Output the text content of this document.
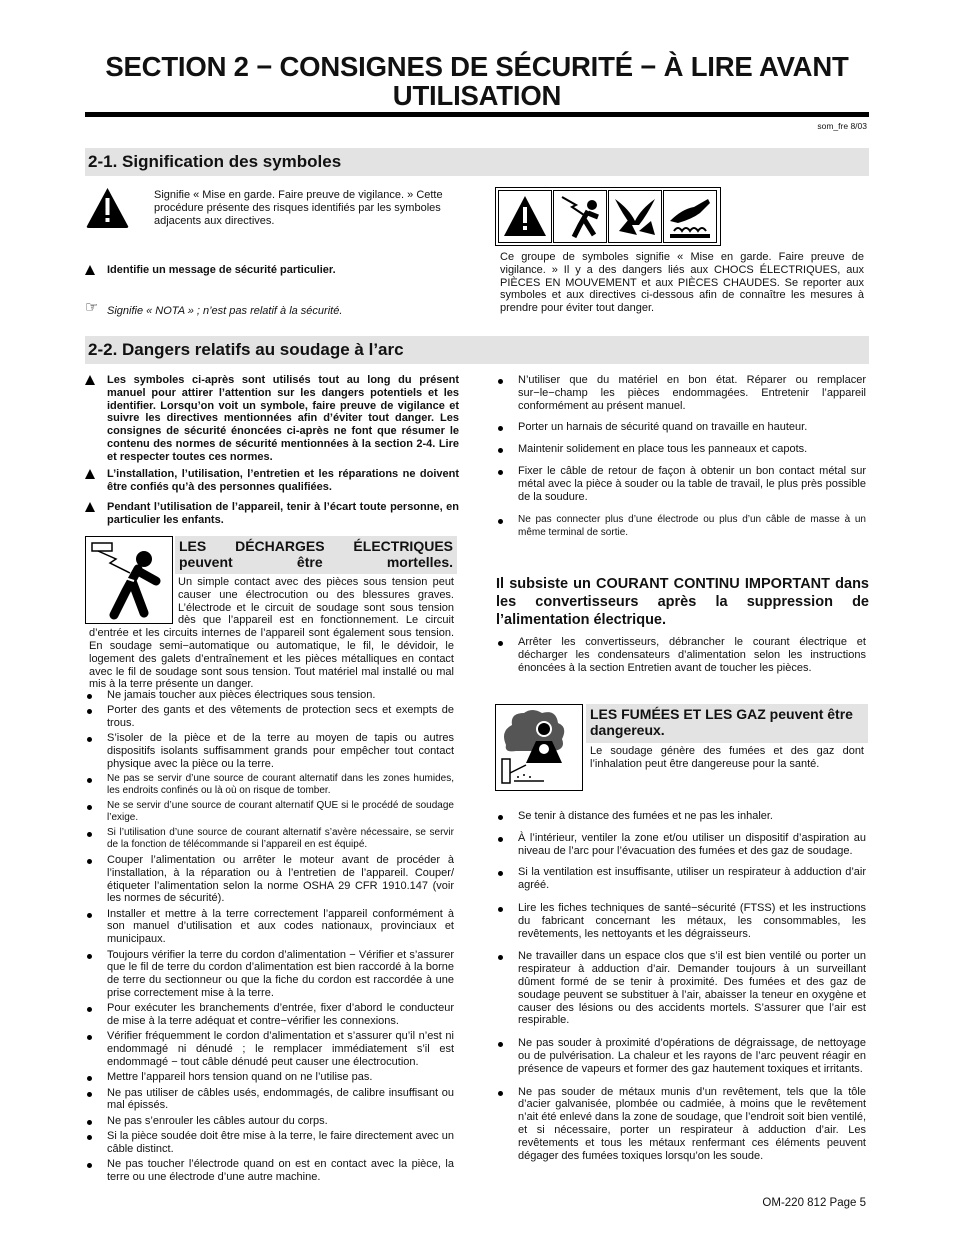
SECTION 2 − CONSIGNES DE SÉCURITÉ − À LIRE AVANT
UTILISATION
som_fre 8/03
2-1. Signification des symboles
Signifie « Mise en garde. Faire preuve de vigilance. » Cette procédure présente des risques identifiés par les symboles adjacents aux directives.
Identifie un message de sécurité particulier.
☞ Signifie « NOTA » ; n’est pas relatif à la sécurité.
Ce groupe de symboles signifie « Mise en garde. Faire preuve de vigilance. » Il y a des dangers liés aux CHOCS ÉLECTRIQUES, aux PIÈCES EN MOUVEMENT et aux PIÈCES CHAUDES. Se reporter aux symboles et aux directives ci-dessous afin de connaître les mesures à prendre pour éviter tout danger.
2-2. Dangers relatifs au soudage à l’arc
Les symboles ci-après sont utilisés tout au long du présent manuel pour attirer l’attention sur les dangers potentiels et les identifier. Lorsqu’on voit un symbole, faire preuve de vigilance et suivre les directives mentionnées afin d’éviter tout danger. Les consignes de sécurité énoncées ci-après ne font que résumer le contenu des normes de sécurité mentionnées à la section 2-4. Lire et respecter toutes ces normes.
L’installation, l’utilisation, l’entretien et les réparations ne doivent être confiés qu’à des personnes qualifiées.
Pendant l’utilisation de l’appareil, tenir à l’écart toute personne, en particulier les enfants.
LES DÉCHARGES ÉLECTRIQUES peuvent être mortelles.
Un simple contact avec des pièces sous tension peut causer une électrocution ou des blessures graves. L’électrode et le circuit de soudage sont sous tension dès que l’appareil est en fonctionnement. Le circuit d’entrée et les circuits internes de l’appareil sont également sous tension. En soudage semi−automatique ou automatique, le fil, le dévidoir, le logement des galets d’entraînement et les pièces métalliques en contact avec le fil de soudage sont sous tension. Tout matériel mal installé ou mal mis à la terre présente un danger.
Ne jamais toucher aux pièces électriques sous tension.
Porter des gants et des vêtements de protection secs et exempts de trous.
S’isoler de la pièce et de la terre au moyen de tapis ou autres dispositifs isolants suffisamment grands pour empêcher tout contact physique avec la pièce ou la terre.
Ne pas se servir d’une source de courant alternatif dans les zones humides, les endroits confinés ou là où on risque de tomber.
Ne se servir d’une source de courant alternatif QUE si le procédé de soudage l’exige.
Si l’utilisation d’une source de courant alternatif s’avère nécessaire, se servir de la fonction de télécommande si l’appareil en est équipé.
Couper l’alimentation ou arrêter le moteur avant de procéder à l’installation, à la réparation ou à l’entretien de l’appareil. Couper/étiqueter l’alimentation selon la norme OSHA 29 CFR 1910.147 (voir les normes de sécurité).
Installer et mettre à la terre correctement l’appareil conformément à son manuel d’utilisation et aux codes nationaux, provinciaux et municipaux.
Toujours vérifier la terre du cordon d’alimentation − Vérifier et s’assurer que le fil de terre du cordon d’alimentation est bien raccordé à la borne de terre du sectionneur ou que la fiche du cordon est raccordée à une prise correctement mise à la terre.
Pour exécuter les branchements d’entrée, fixer d’abord le conducteur de mise à la terre adéquat et contre−vérifier les connexions.
Vérifier fréquemment le cordon d’alimentation et s’assurer qu’il n’est ni endommagé ni dénudé ; le remplacer immédiatement s’il est endommagé − tout câble dénudé peut causer une électrocution.
Mettre l’appareil hors tension quand on ne l’utilise pas.
Ne pas utiliser de câbles usés, endommagés, de calibre insuffisant ou mal épissés.
Ne pas s’enrouler les câbles autour du corps.
Si la pièce soudée doit être mise à la terre, le faire directement avec un câble distinct.
Ne pas toucher l’électrode quand on est en contact avec la pièce, la terre ou une électrode d’une autre machine.
N’utiliser que du matériel en bon état. Réparer ou remplacer sur−le−champ les pièces endommagées. Entretenir l’appareil conformément au présent manuel.
Porter un harnais de sécurité quand on travaille en hauteur.
Maintenir solidement en place tous les panneaux et capots.
Fixer le câble de retour de façon à obtenir un bon contact métal sur métal avec la pièce à souder ou la table de travail, le plus près possible de la soudure.
Ne pas connecter plus d’une électrode ou plus d’un câble de masse à un même terminal de sortie.
Il subsiste un COURANT CONTINU IMPORTANT dans les convertisseurs après la suppression de l’alimentation électrique.
Arrêter les convertisseurs, débrancher le courant électrique et décharger les condensateurs d’alimentation selon les instructions énoncées à la section Entretien avant de toucher les pièces.
LES FUMÉES ET LES GAZ peuvent être dangereux.
Le soudage génère des fumées et des gaz dont l’inhalation peut être dangereuse pour la santé.
Se tenir à distance des fumées et ne pas les inhaler.
À l’intérieur, ventiler la zone et/ou utiliser un dispositif d’aspiration au niveau de l’arc pour l’évacuation des fumées et des gaz de soudage.
Si la ventilation est insuffisante, utiliser un respirateur à adduction d’air agréé.
Lire les fiches techniques de santé−sécurité (FTSS) et les instructions du fabricant concernant les métaux, les consommables, les revêtements, les nettoyants et les dégraisseurs.
Ne travailler dans un espace clos que s’il est bien ventilé ou porter un respirateur à adduction d’air. Demander toujours à un surveillant dûment formé de se tenir à proximité. Des fumées et des gaz de soudage peuvent se substituer à l’air, abaisser la teneur en oxygène et causer des lésions ou des accidents mortels. S’assurer que l’air est respirable.
Ne pas souder à proximité d’opérations de dégraissage, de nettoyage ou de pulvérisation. La chaleur et les rayons de l’arc peuvent réagir en présence de vapeurs et former des gaz hautement toxiques et irritants.
Ne pas souder de métaux munis d’un revêtement, tels que la tôle d’acier galvanisée, plombée ou cadmiée, à moins que le revêtement n’ait été enlevé dans la zone de soudage, que l’endroit soit bien ventilé, et si nécessaire, porter un respirateur à adduction d’air. Les revêtements et tous les métaux renfermant ces éléments peuvent dégager des fumées toxiques lorsqu’on les soude.
OM-220 812 Page 5
